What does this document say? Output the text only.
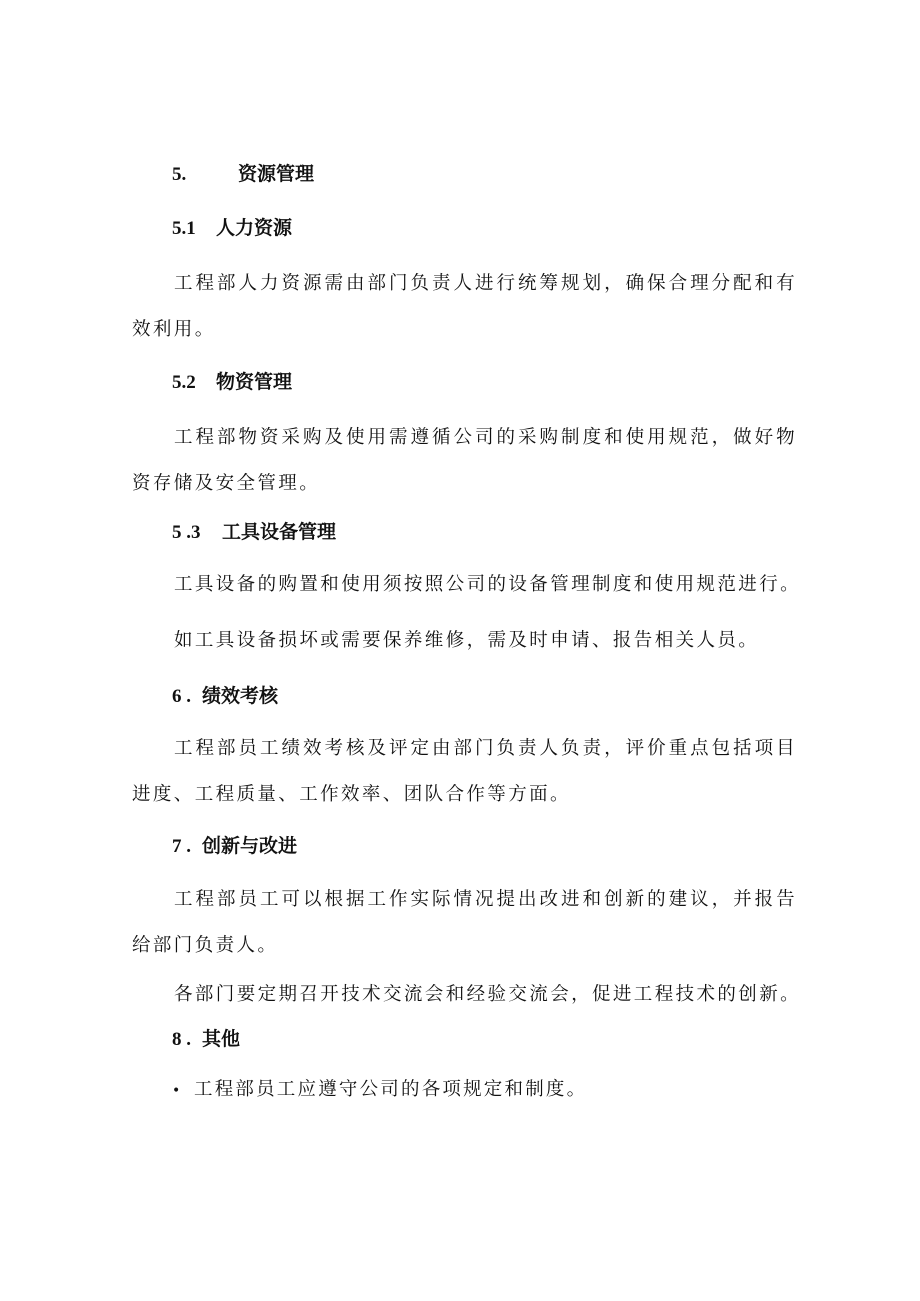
5.	资源管理
5.1 人力资源
工程部人力资源需由部门负责人进行统筹规划，确保合理分配和有效利用。
5.2 物资管理
工程部物资采购及使用需遵循公司的采购制度和使用规范，做好物资存储及安全管理。
5 .3 工具设备管理
工具设备的购置和使用须按照公司的设备管理制度和使用规范进行。
如工具设备损坏或需要保养维修，需及时申请、报告相关人员。
6 . 绩效考核
工程部员工绩效考核及评定由部门负责人负责，评价重点包括项目进度、工程质量、工作效率、团队合作等方面。
7 . 创新与改进
工程部员工可以根据工作实际情况提出改进和创新的建议，并报告给部门负责人。
各部门要定期召开技术交流会和经验交流会，促进工程技术的创新。
8 . 其他
• 工程部员工应遵守公司的各项规定和制度。
